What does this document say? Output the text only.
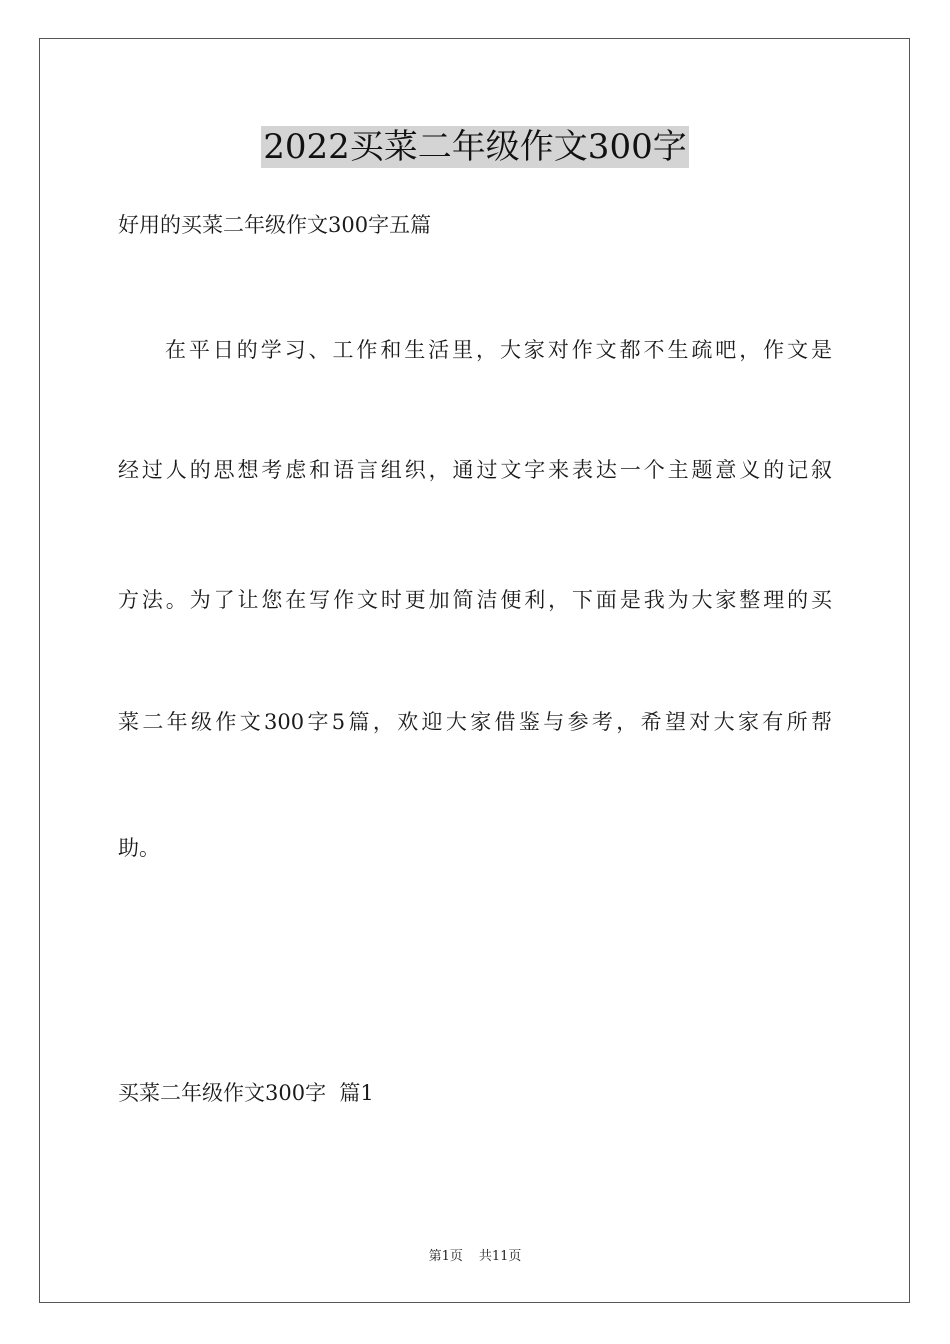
2022买菜二年级作文300字
好用的买菜二年级作文300字五篇
在平日的学习、工作和生活里，大家对作文都不生疏吧，作文是
经过人的思想考虑和语言组织，通过文字来表达一个主题意义的记叙
方法。为了让您在写作文时更加简洁便利，下面是我为大家整理的买
菜二年级作文300字5篇，欢迎大家借鉴与参考，希望对大家有所帮
助。
买菜二年级作文300字  篇1
第1页 共11页
